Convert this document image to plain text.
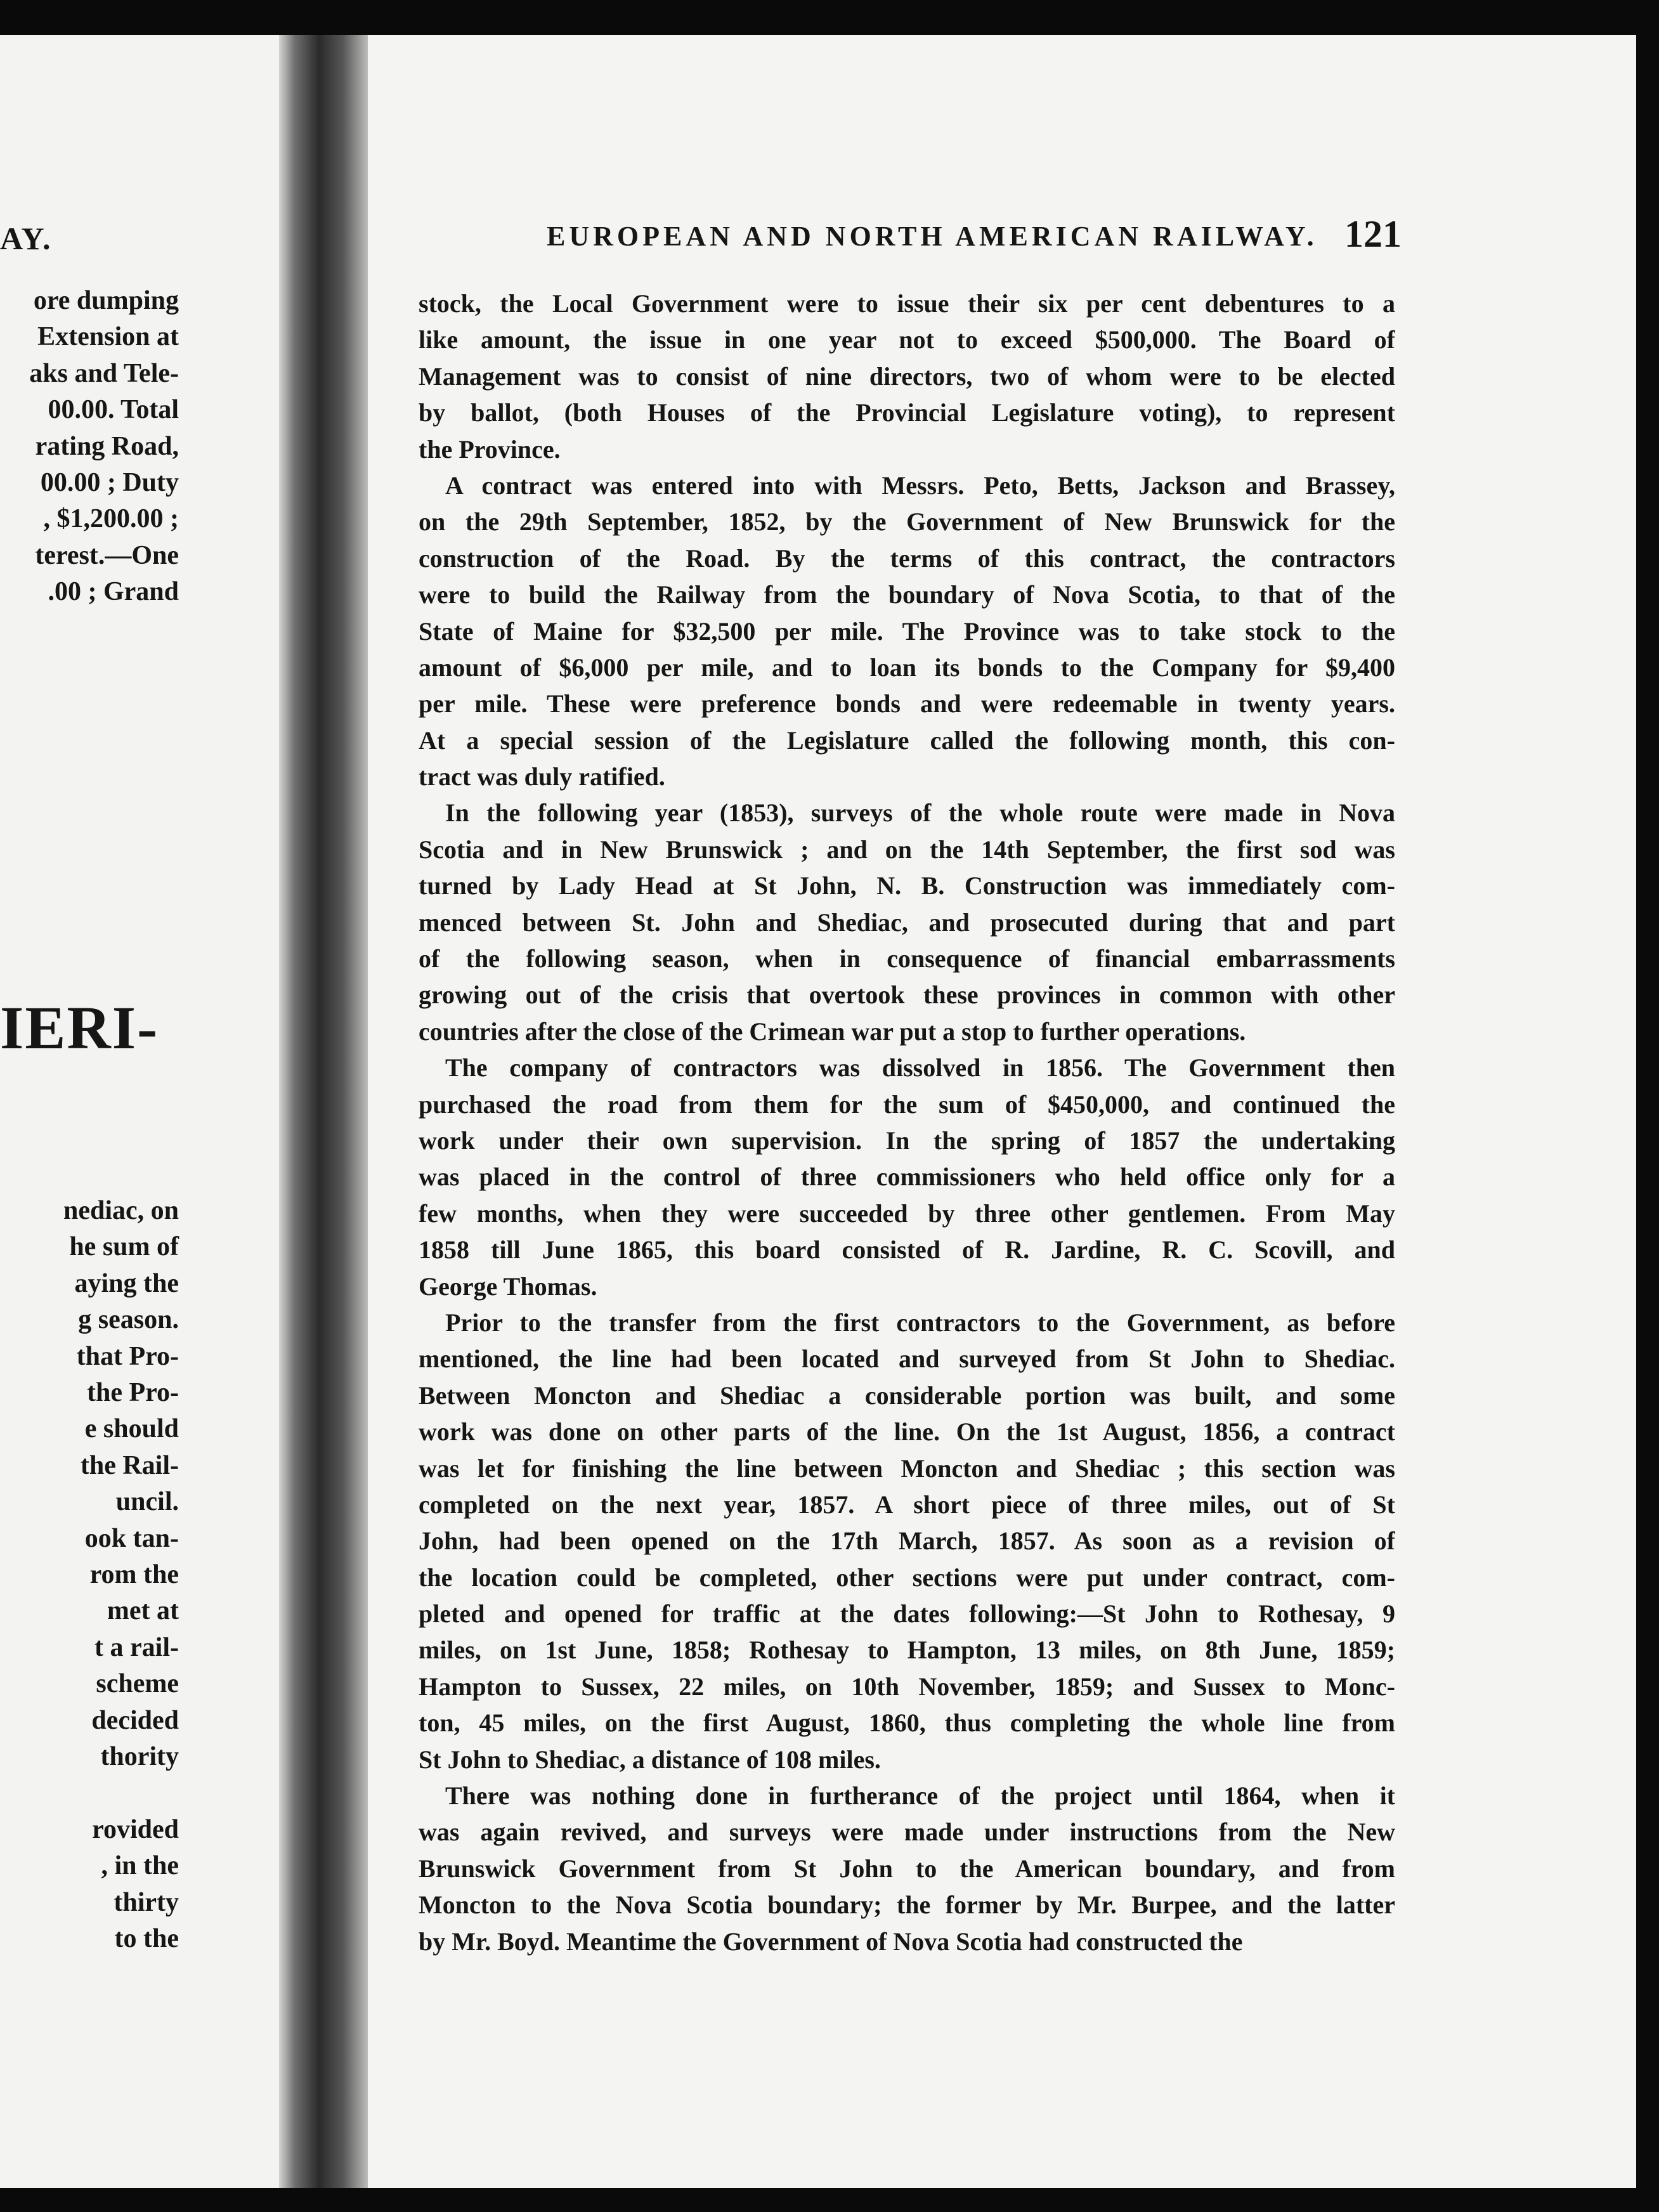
AY.
ore dumping
Extension at
aks and Tele-
00.00. Total
rating Road,
00.00 ; Duty
, $1,200.00 ;
terest.—One
.00 ; Grand
IERI-
nediac, on
he sum of
aying the
g season.
that Pro-
the Pro-
e should
the Rail-
uncil.
ook tan-
rom the
met at
t a rail-
scheme
decided
thority
rovided
, in the
thirty
to the
EUROPEAN AND NORTH AMERICAN RAILWAY. 121
stock, the Local Government were to issue their six per cent debentures to a
like amount, the issue in one year not to exceed $500,000. The Board of
Management was to consist of nine directors, two of whom were to be elected
by ballot, (both Houses of the Provincial Legislature voting), to represent
the Province.
A contract was entered into with Messrs. Peto, Betts, Jackson and Brassey,
on the 29th September, 1852, by the Government of New Brunswick for the
construction of the Road. By the terms of this contract, the contractors
were to build the Railway from the boundary of Nova Scotia, to that of the
State of Maine for $32,500 per mile. The Province was to take stock to the
amount of $6,000 per mile, and to loan its bonds to the Company for $9,400
per mile. These were preference bonds and were redeemable in twenty years.
At a special session of the Legislature called the following month, this con-
tract was duly ratified.
In the following year (1853), surveys of the whole route were made in Nova
Scotia and in New Brunswick ; and on the 14th September, the first sod was
turned by Lady Head at St John, N. B. Construction was immediately com-
menced between St. John and Shediac, and prosecuted during that and part
of the following season, when in consequence of financial embarrassments
growing out of the crisis that overtook these provinces in common with other
countries after the close of the Crimean war put a stop to further operations.
The company of contractors was dissolved in 1856. The Government then
purchased the road from them for the sum of $450,000, and continued the
work under their own supervision. In the spring of 1857 the undertaking
was placed in the control of three commissioners who held office only for a
few months, when they were succeeded by three other gentlemen. From May
1858 till June 1865, this board consisted of R. Jardine, R. C. Scovill, and
George Thomas.
Prior to the transfer from the first contractors to the Government, as before
mentioned, the line had been located and surveyed from St John to Shediac.
Between Moncton and Shediac a considerable portion was built, and some
work was done on other parts of the line. On the 1st August, 1856, a contract
was let for finishing the line between Moncton and Shediac ; this section was
completed on the next year, 1857. A short piece of three miles, out of St
John, had been opened on the 17th March, 1857. As soon as a revision of
the location could be completed, other sections were put under contract, com-
pleted and opened for traffic at the dates following:—St John to Rothesay, 9
miles, on 1st June, 1858; Rothesay to Hampton, 13 miles, on 8th June, 1859;
Hampton to Sussex, 22 miles, on 10th November, 1859; and Sussex to Monc-
ton, 45 miles, on the first August, 1860, thus completing the whole line from
St John to Shediac, a distance of 108 miles.
There was nothing done in furtherance of the project until 1864, when it
was again revived, and surveys were made under instructions from the New
Brunswick Government from St John to the American boundary, and from
Moncton to the Nova Scotia boundary; the former by Mr. Burpee, and the latter
by Mr. Boyd. Meantime the Government of Nova Scotia had constructed the
